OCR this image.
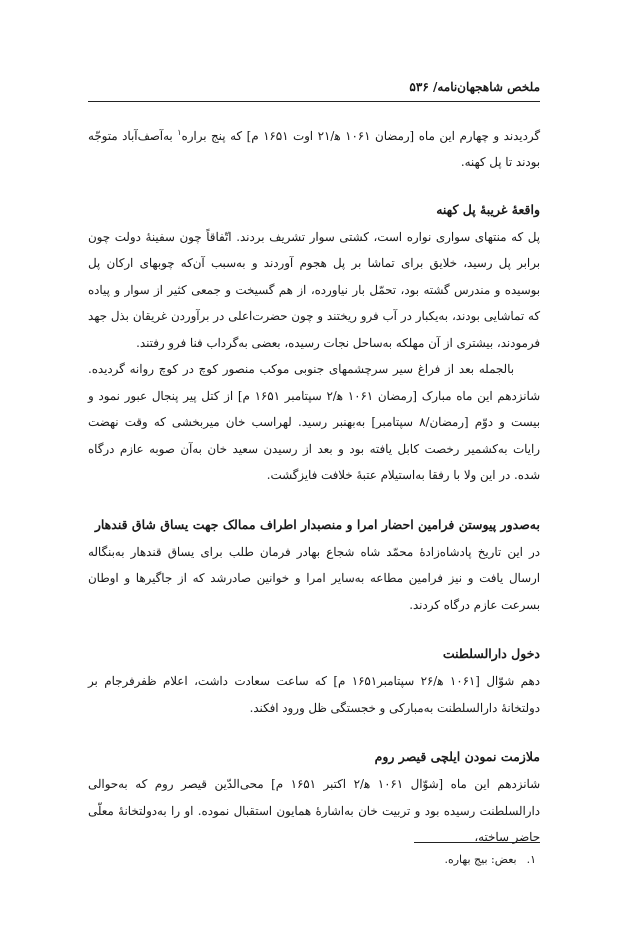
ملخص شاهجهان‌نامه/ ۵۳۶

گردیدند و چهارم این ماه [رمضان ۱۰۶۱ ه‍/۲۱ اوت ۱۶۵۱ م] که پنج براره$^۱$ به‌آصف‌آباد متوجّه بودند تا پل کهنه.

واقعهٔ غریبهٔ پل کهنه

پل که منتهای سواری نواره است، کشتی سوار تشریف بردند. اتّفاقاً چون سفینهٔ دولت چون برابر پل رسید، خلایق برای تماشا بر پل هجوم آوردند و به‌سبب آن‌که چوبهای ارکان پل بوسیده و مندرس گشته بود، تحمّل بار نیاورده، از هم گسیخت و جمعی کثیر از سوار و پیاده که تماشایی بودند، به‌یکبار در آب فرو ریختند و چون حضرت‌اعلی در برآوردن غریقان بذل جهد فرمودند، بیشتری از آن مهلکه به‌ساحل نجات رسیده، بعضی به‌گرداب فنا فرو رفتند.

بالجمله بعد از فراغ سیر سرچشمهای جنوبی موکب منصور کوچ در کوچ روانه گردیده. شانزدهم این ماه مبارک [رمضان ۱۰۶۱ ه‍/۲ سپتامبر ۱۶۵۱ م] از کتل پیر پنجال عبور نمود و بیست و دوّم [رمضان/۸ سپتامبر] به‌بهنبر رسید. لهراسب خان میربخشی که وقت نهضت رایات به‌کشمیر رخصت کابل یافته بود و بعد از رسیدن سعید خان به‌آن صوبه عازم درگاه شده. در این ولا با رفقا به‌استیلام عتبهٔ خلافت فایزگشت.

به‌صدور پیوستن فرامین احضار امرا و منصبدار اطراف ممالک جهت یساق شاق قندهار

در این تاریخ پادشاه‌زادهٔ محمّد شاه شجاع بهادر فرمان طلب برای یساق قندهار به‌بنگاله ارسال یافت و نیز فرامین مطاعه به‌سایر امرا و خوانین صادرشد که از جاگیرها و اوطان بسرعت عازم درگاه کردند.

دخول دارالسلطنت

دهم شوّال [۱۰۶۱ ه‍/۲۶ سپتامبر۱۶۵۱ م] که ساعت سعادت داشت، اعلام ظفرفرجام بر دولتخانهٔ دارالسلطنت به‌مبارکی و خجستگی ظل ورود افکند.

ملازمت نمودن ایلچی قیصر روم

شانزدهم این ماه [شوّال ۱۰۶۱ ه‍/۲ اکتبر ۱۶۵۱ م] محی‌الدّین قیصر روم که به‌حوالی دارالسلطنت رسیده بود و تربیت خان به‌اشارهٔ همایون استقبال نموده. او را به‌دولتخانهٔ معلّی حاضر ساخته،

۱.بعض: بیج بهاره.
